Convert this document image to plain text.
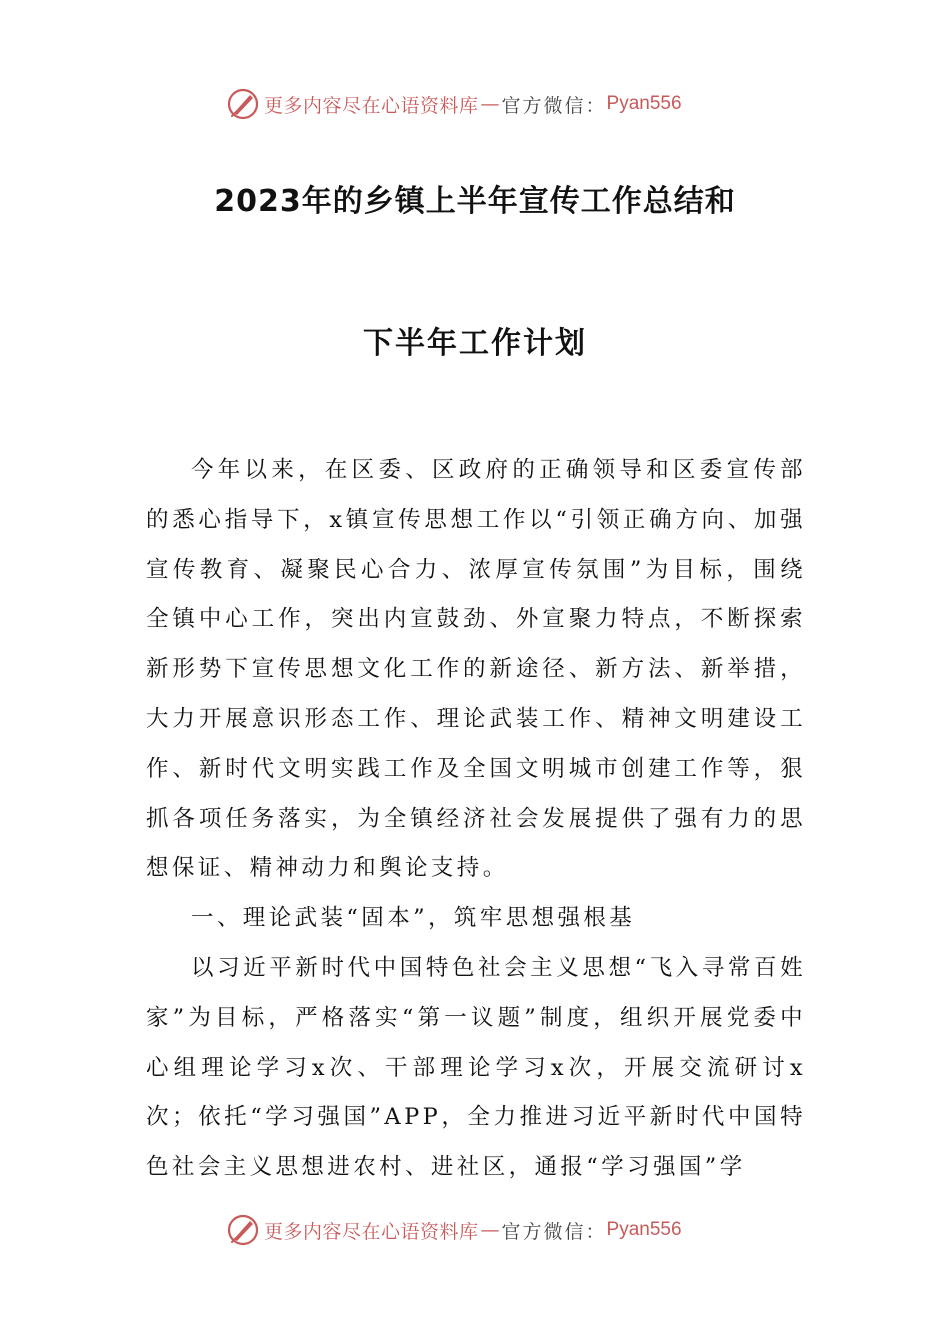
更多内容尽在心语资料库 — 官方微信： Pyan556
2023年的乡镇上半年宣传工作总结和
下半年工作计划

今年以来，在区委、区政府的正确领导和区委宣传部的悉心指导下，x镇宣传思想工作以“引领正确方向、加强宣传教育、凝聚民心合力、浓厚宣传氛围”为目标，围绕全镇中心工作，突出内宣鼓劲、外宣聚力特点，不断探索新形势下宣传思想文化工作的新途径、新方法、新举措，大力开展意识形态工作、理论武装工作、精神文明建设工作、新时代文明实践工作及全国文明城市创建工作等，狠抓各项任务落实，为全镇经济社会发展提供了强有力的思想保证、精神动力和舆论支持。

一、理论武装“固本”，筑牢思想强根基

以习近平新时代中国特色社会主义思想“飞入寻常百姓家”为目标，严格落实“第一议题”制度，组织开展党委中心组理论学习x次、干部理论学习x次，开展交流研讨x次；依托“学习强国”APP，全力推进习近平新时代中国特色社会主义思想进农村、进社区，通报“学习强国”学

更多内容尽在心语资料库 — 官方微信： Pyan556
